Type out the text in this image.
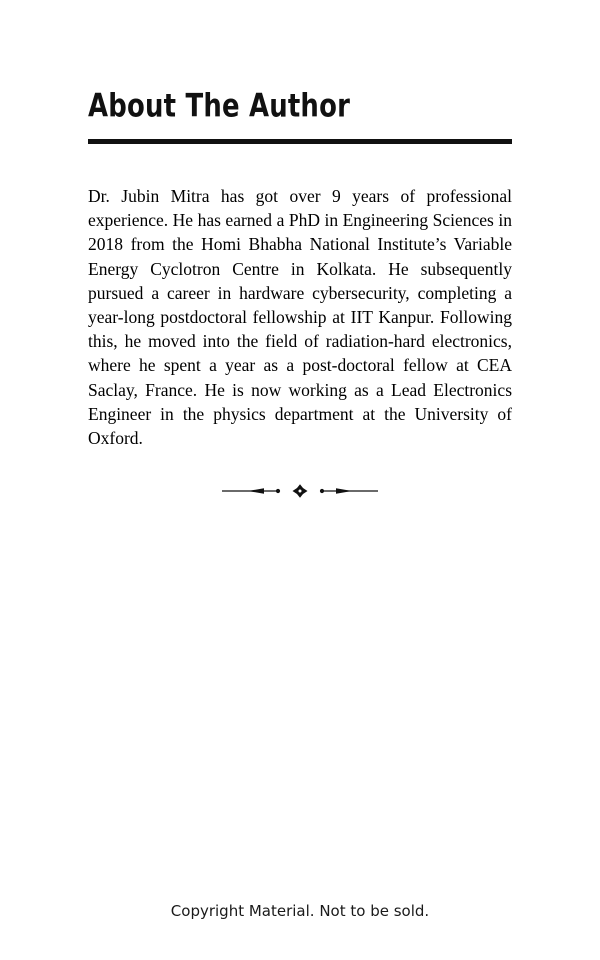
About The Author

Dr. Jubin Mitra has got over 9 years of professional experience. He has earned a PhD in Engineering Sciences in 2018 from the Homi Bhabha National Institute’s Variable Energy Cyclotron Centre in Kolkata. He subsequently pursued a career in hardware cybersecurity, completing a year-long postdoctoral fellowship at IIT Kanpur. Following this, he moved into the field of radiation-hard electronics, where he spent a year as a post-doctoral fellow at CEA Saclay, France. He is now working as a Lead Electronics Engineer in the physics department at the University of Oxford.

Copyright Material. Not to be sold.
